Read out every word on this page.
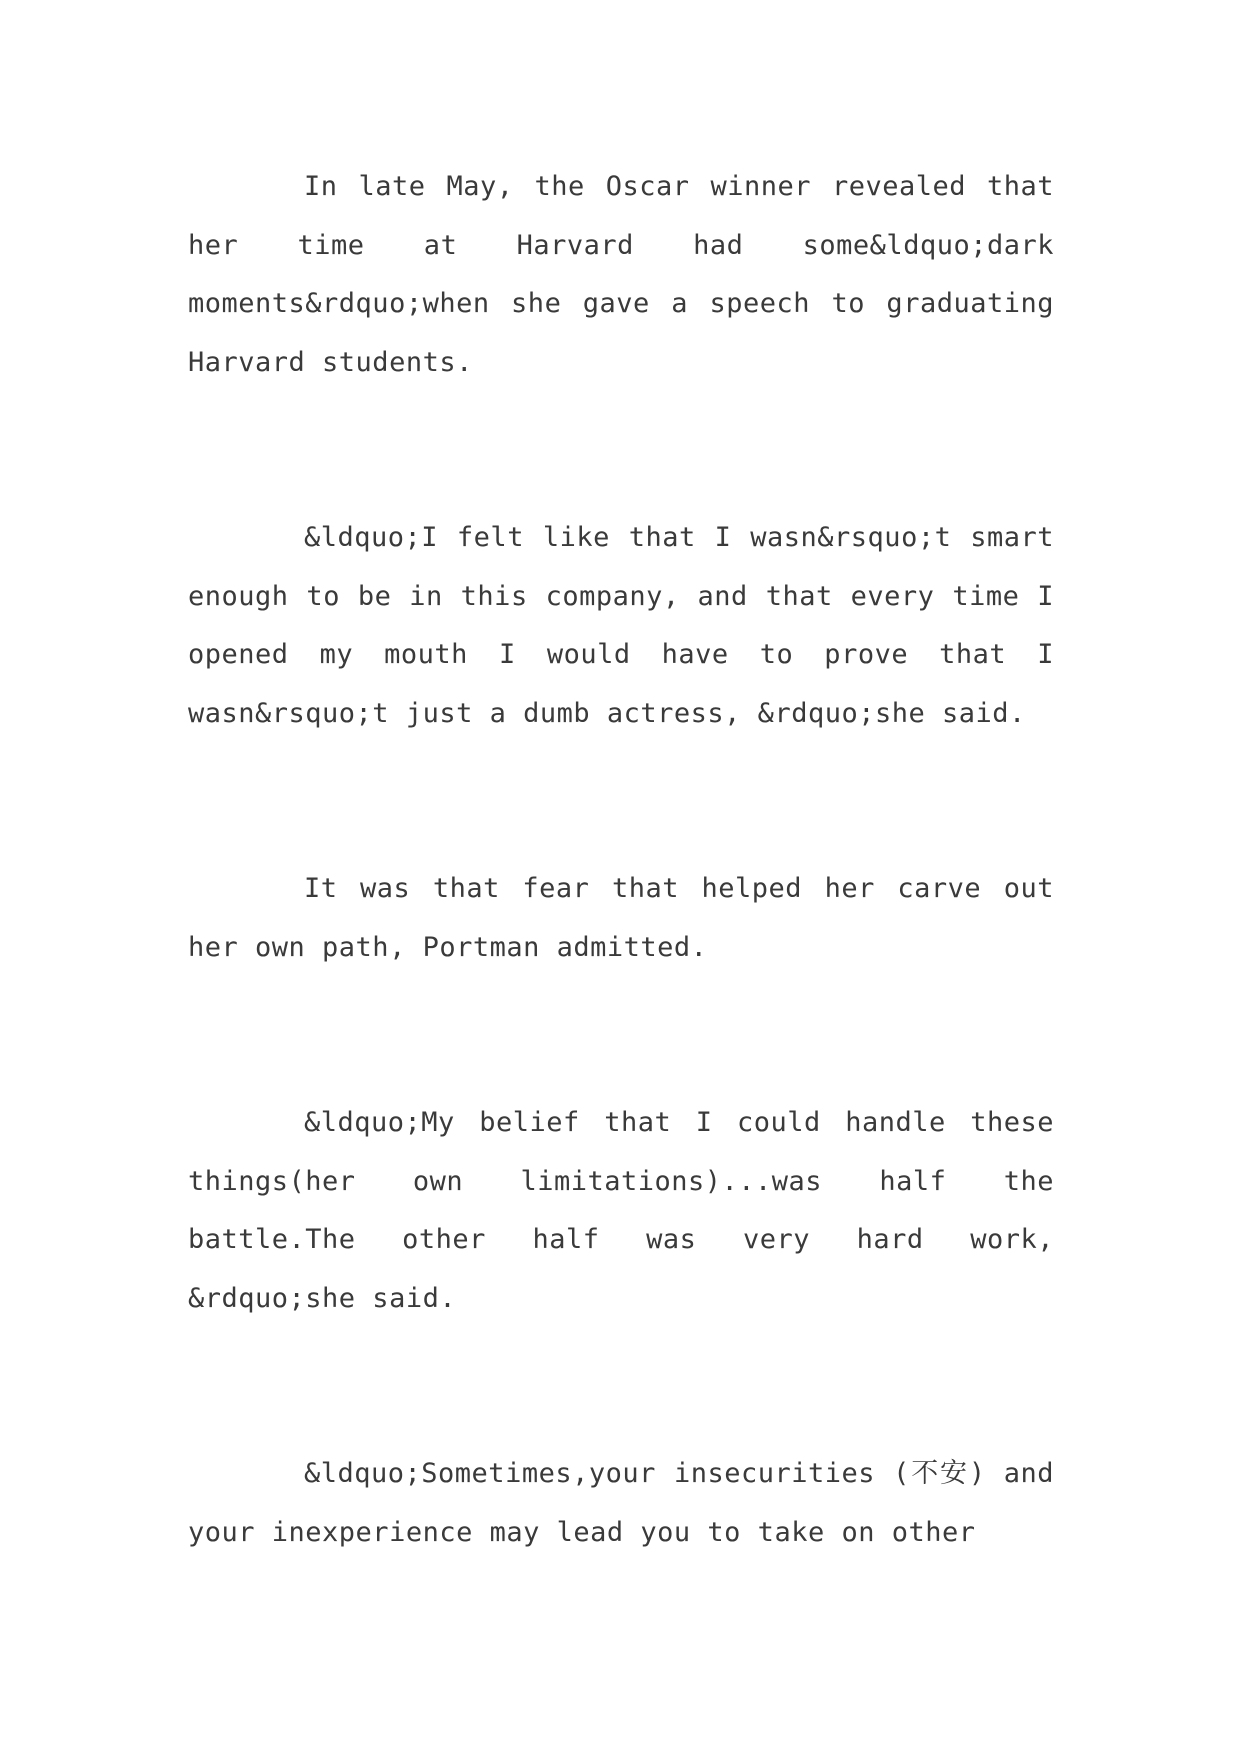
In late May, the Oscar winner revealed that her time at Harvard had some&ldquo;dark moments&rdquo;when she gave a speech to graduating Harvard students.

&ldquo;I felt like that I wasn&rsquo;t smart enough to be in this company, and that every time I opened my mouth I would have to prove that I wasn&rsquo;t just a dumb actress, &rdquo;she said.

It was that fear that helped her carve out her own path, Portman admitted.

&ldquo;My belief that I could handle these things(her own limitations)...was half the battle.The other half was very hard work, &rdquo;she said.

&ldquo;Sometimes,your insecurities (不安) and your inexperience may lead you to take on other
